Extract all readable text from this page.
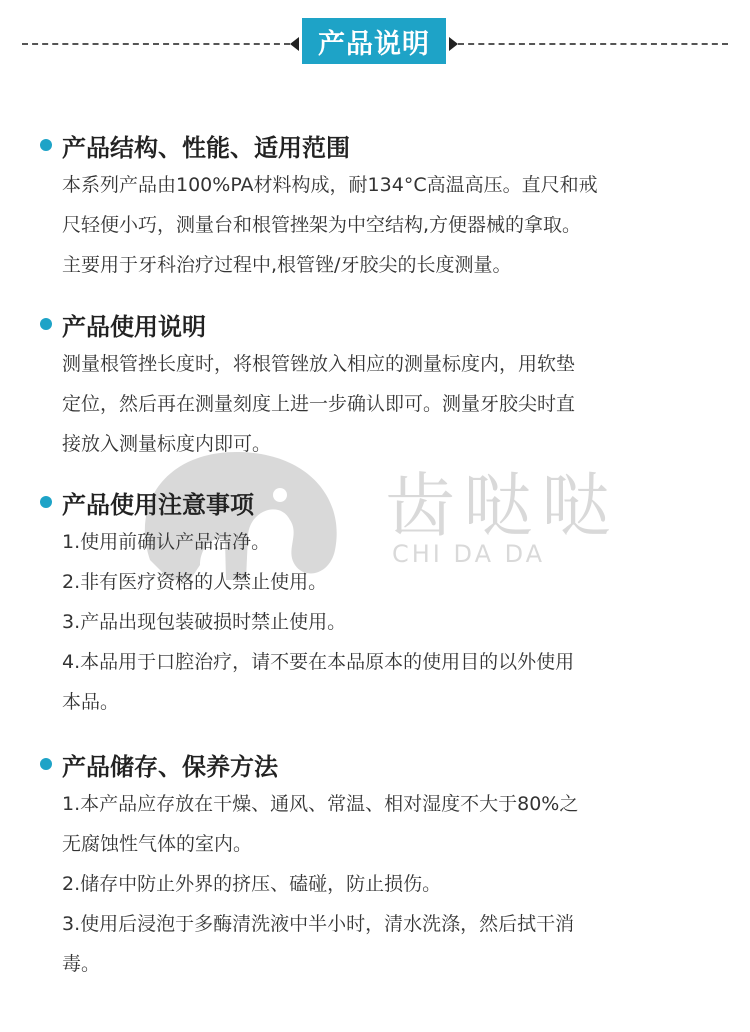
产品说明
齿哒哒
CHI DA DA
产品结构、性能、适用范围
本系列产品由100%PA材料构成，耐134°C高温高压。直尺和戒
尺轻便小巧，测量台和根管挫架为中空结构,方便器械的拿取。
主要用于牙科治疗过程中,根管锉/牙胶尖的长度测量。
产品使用说明
测量根管挫长度时，将根管锉放入相应的测量标度内，用软垫
定位，然后再在测量刻度上进一步确认即可。测量牙胶尖时直
接放入测量标度内即可。
产品使用注意事项
1.使用前确认产品洁净。
2.非有医疗资格的人禁止使用。
3.产品出现包装破损时禁止使用。
4.本品用于口腔治疗，请不要在本品原本的使用目的以外使用
本品。
产品储存、保养方法
1.本产品应存放在干燥、通风、常温、相对湿度不大于80%之
无腐蚀性气体的室内。
2.储存中防止外界的挤压、磕碰，防止损伤。
3.使用后浸泡于多酶清洗液中半小时，清水洗涤，然后拭干消
毒。
